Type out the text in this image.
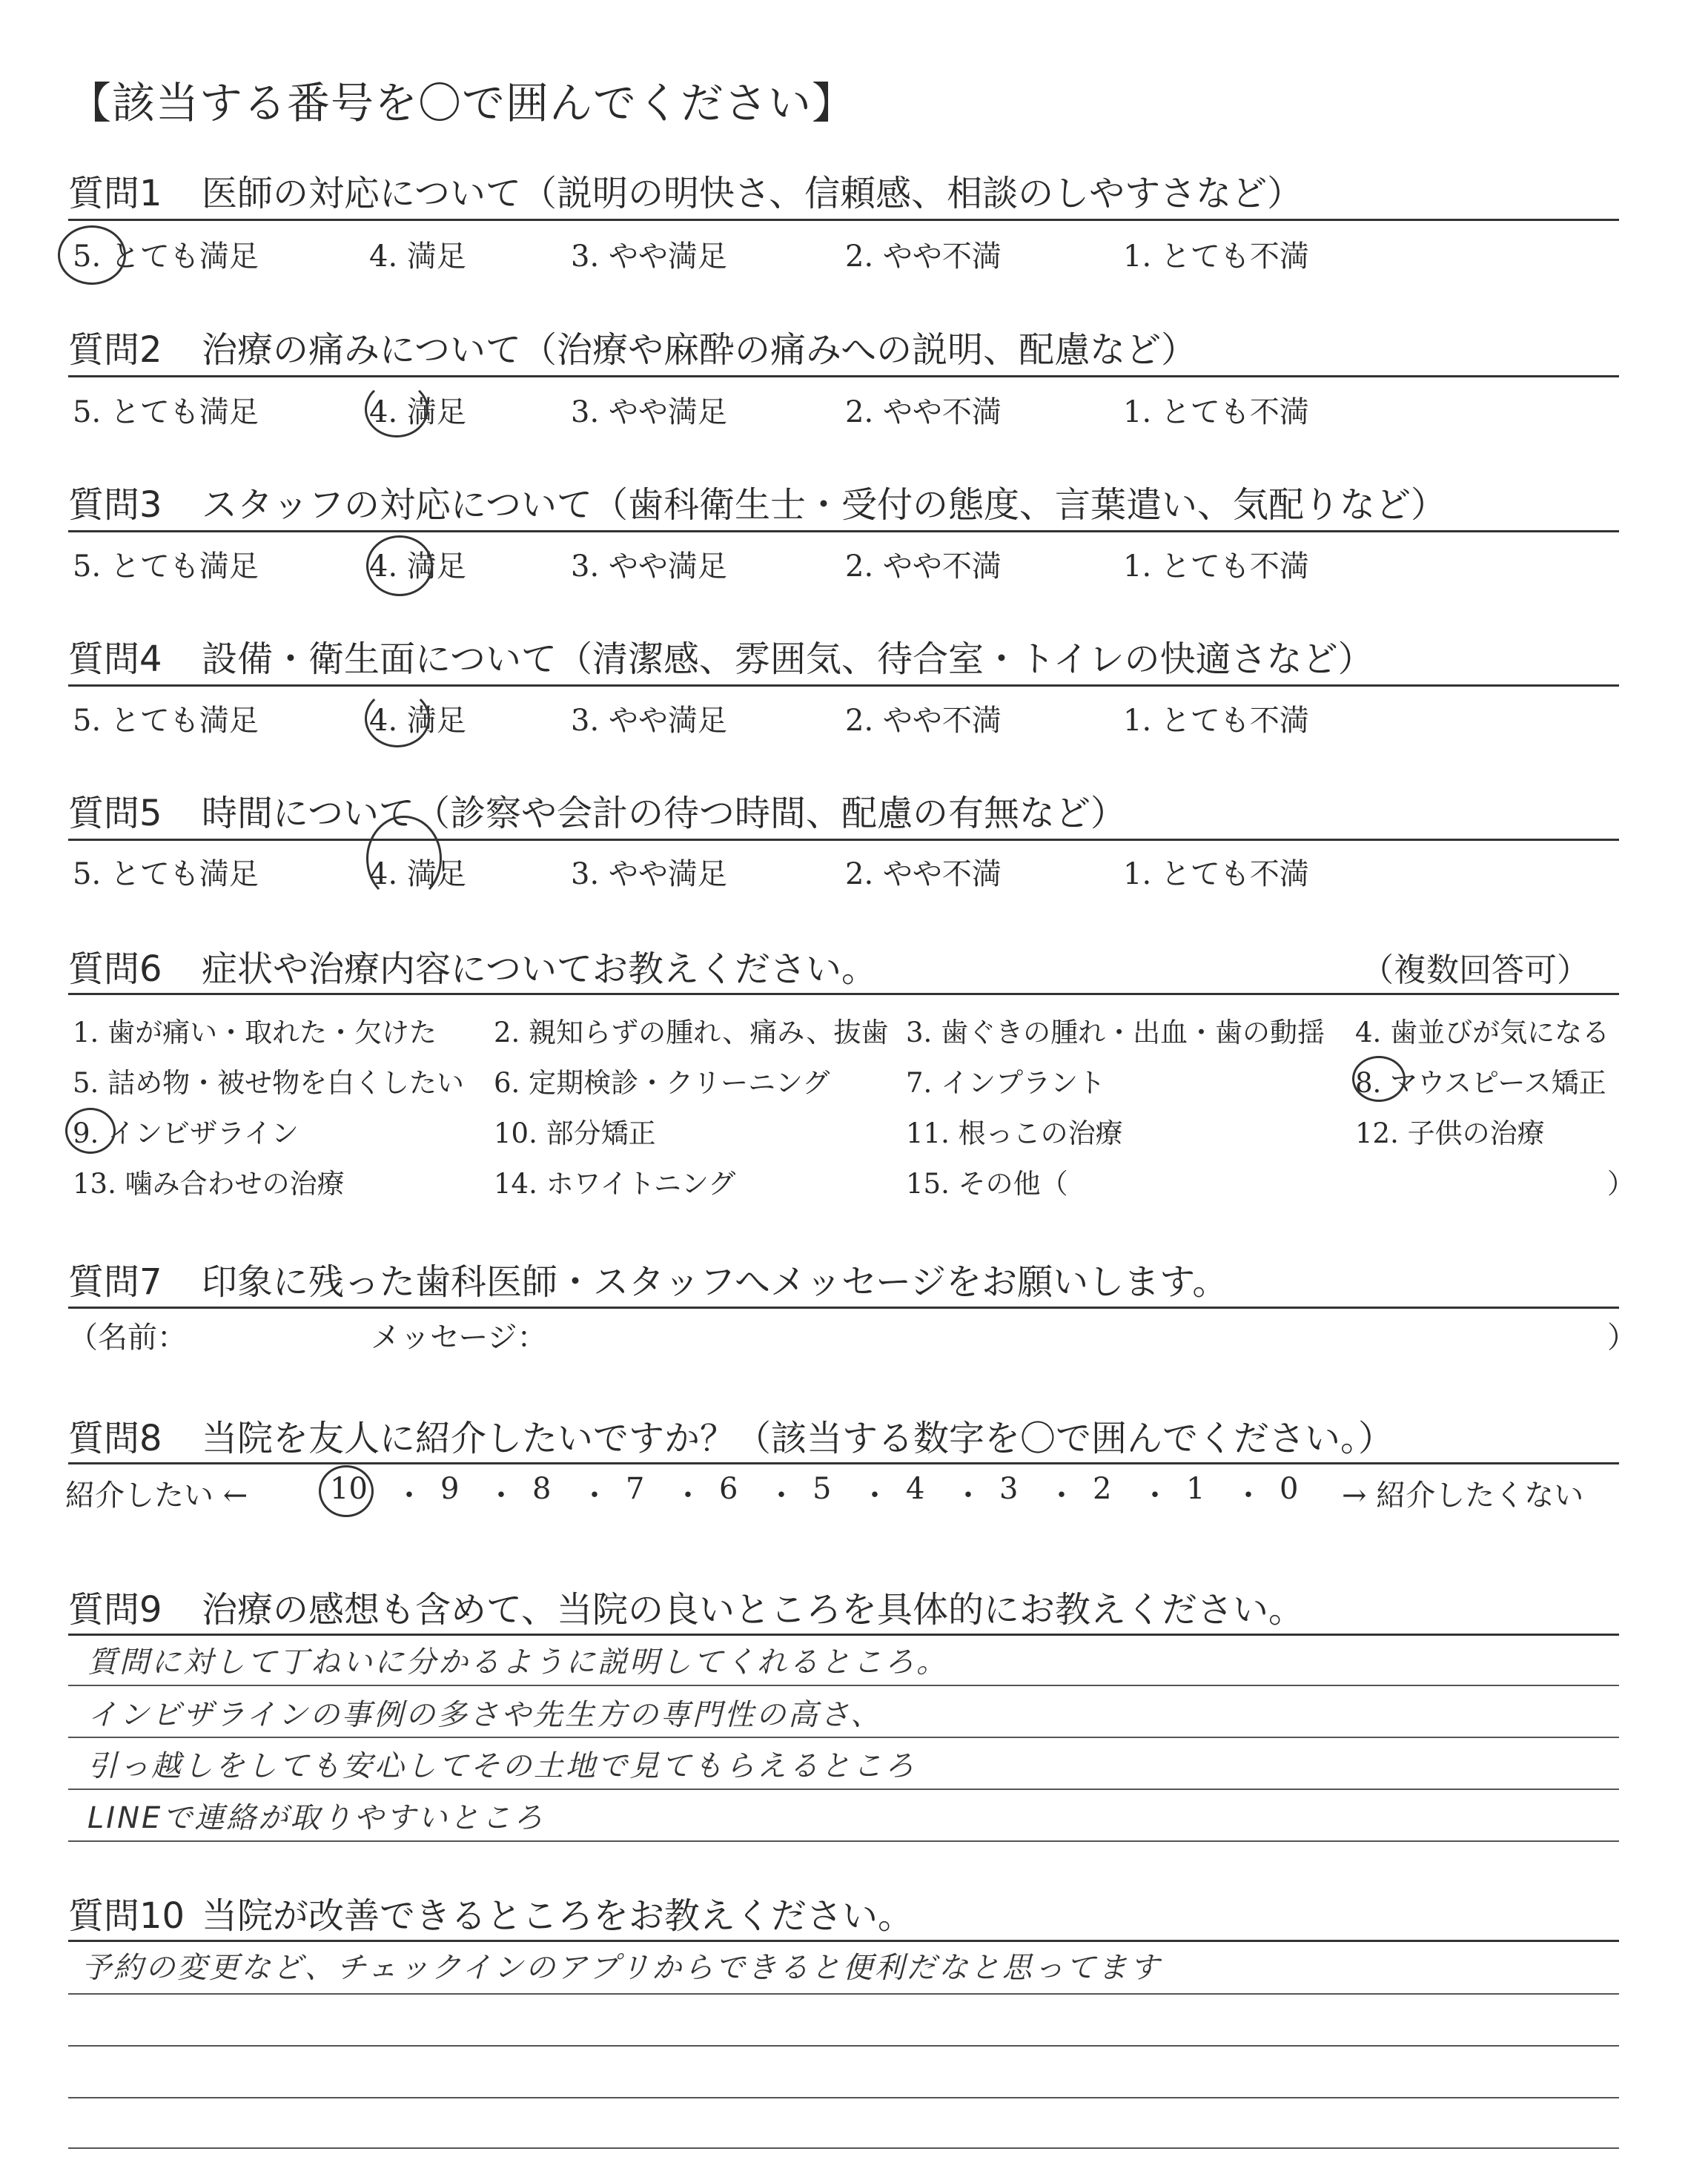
【該当する番号を〇で囲んでください】
質問1 医師の対応について（説明の明快さ、信頼感、相談のしやすさなど）
5. とても満足	4. 満足	3. やや満足	2. やや不満	1. とても不満
質問2 治療の痛みについて（治療や麻酔の痛みへの説明、配慮など）
5. とても満足	4. 満足	3. やや満足	2. やや不満	1. とても不満
質問3 スタッフの対応について（歯科衛生士・受付の態度、言葉遣い、気配りなど）
5. とても満足	4. 満足	3. やや満足	2. やや不満	1. とても不満
質問4 設備・衛生面について（清潔感、雰囲気、待合室・トイレの快適さなど）
5. とても満足	4. 満足	3. やや満足	2. やや不満	1. とても不満
質問5 時間について（診察や会計の待つ時間、配慮の有無など）
5. とても満足	4. 満足	3. やや満足	2. やや不満	1. とても不満
質問6 症状や治療内容についてお教えください。	（複数回答可）
1. 歯が痛い・取れた・欠けた 2. 親知らずの腫れ、痛み、抜歯 3. 歯ぐきの腫れ・出血・歯の動揺 4. 歯並びが気になる
5. 詰め物・被せ物を白くしたい 6. 定期検診・クリーニング	7. インプラント	8. マウスピース矯正
9. インビザライン	10. 部分矯正	11. 根っこの治療	12. 子供の治療
13. 噛み合わせの治療	14. ホワイトニング	15. その他（	）
質問7 印象に残った歯科医師・スタッフへメッセージをお願いします。
（名前：	メッセージ：	）
質問8 当院を友人に紹介したいですか？（該当する数字を〇で囲んでください。）
紹介したい ←	10 ・ 9 ・ 8 ・ 7 ・ 6 ・ 5 ・ 4 ・ 3 ・ 2 ・ 1 ・ 0 → 紹介したくない
質問9 治療の感想も含めて、当院の良いところを具体的にお教えください。
質問に対して丁ねいに分かるように説明してくれるところ。
インビザラインの事例の多さや先生方の専門性の高さ、
引っ越しをしても安心してその土地で見てもらえるところ
LINEで連絡が取りやすいところ
質問10 当院が改善できるところをお教えください。
予約の変更など、チェックインのアプリからできると便利だなと思ってます
